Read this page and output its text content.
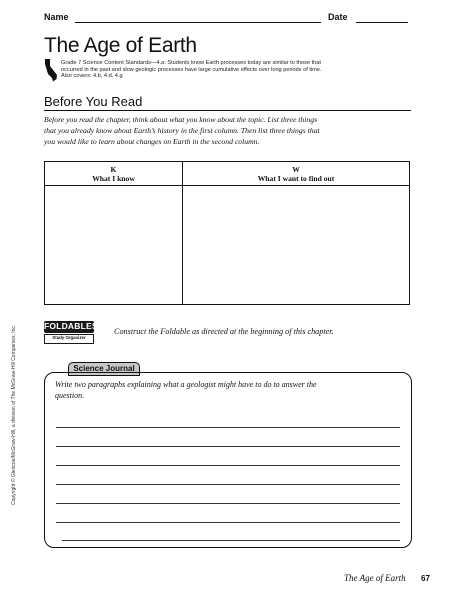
Name	Date
The Age of Earth
Grade 7 Science Content Standards—4.a: Students know Earth processes today are similar to those that
occurred in the past and slow geologic processes have large cumulative effects over long periods of time.
Also covers: 4.b, 4.d, 4.g
Before You Read
Before you read the chapter, think about what you know about the topic. List three things
that you already know about Earth’s history in the first column. Then list three things that
you would like to learn about changes on Earth in the second column.
K
What I know
W
What I want to find out
FOLDABLES
Study Organizer
Construct the Foldable as directed at the beginning of this chapter.
Science Journal
Write two paragraphs explaining what a geologist might have to do to answer the
question.
Copyright © Glencoe/McGraw-Hill, a division of The McGraw-Hill Companies, Inc.
The Age of Earth 67
